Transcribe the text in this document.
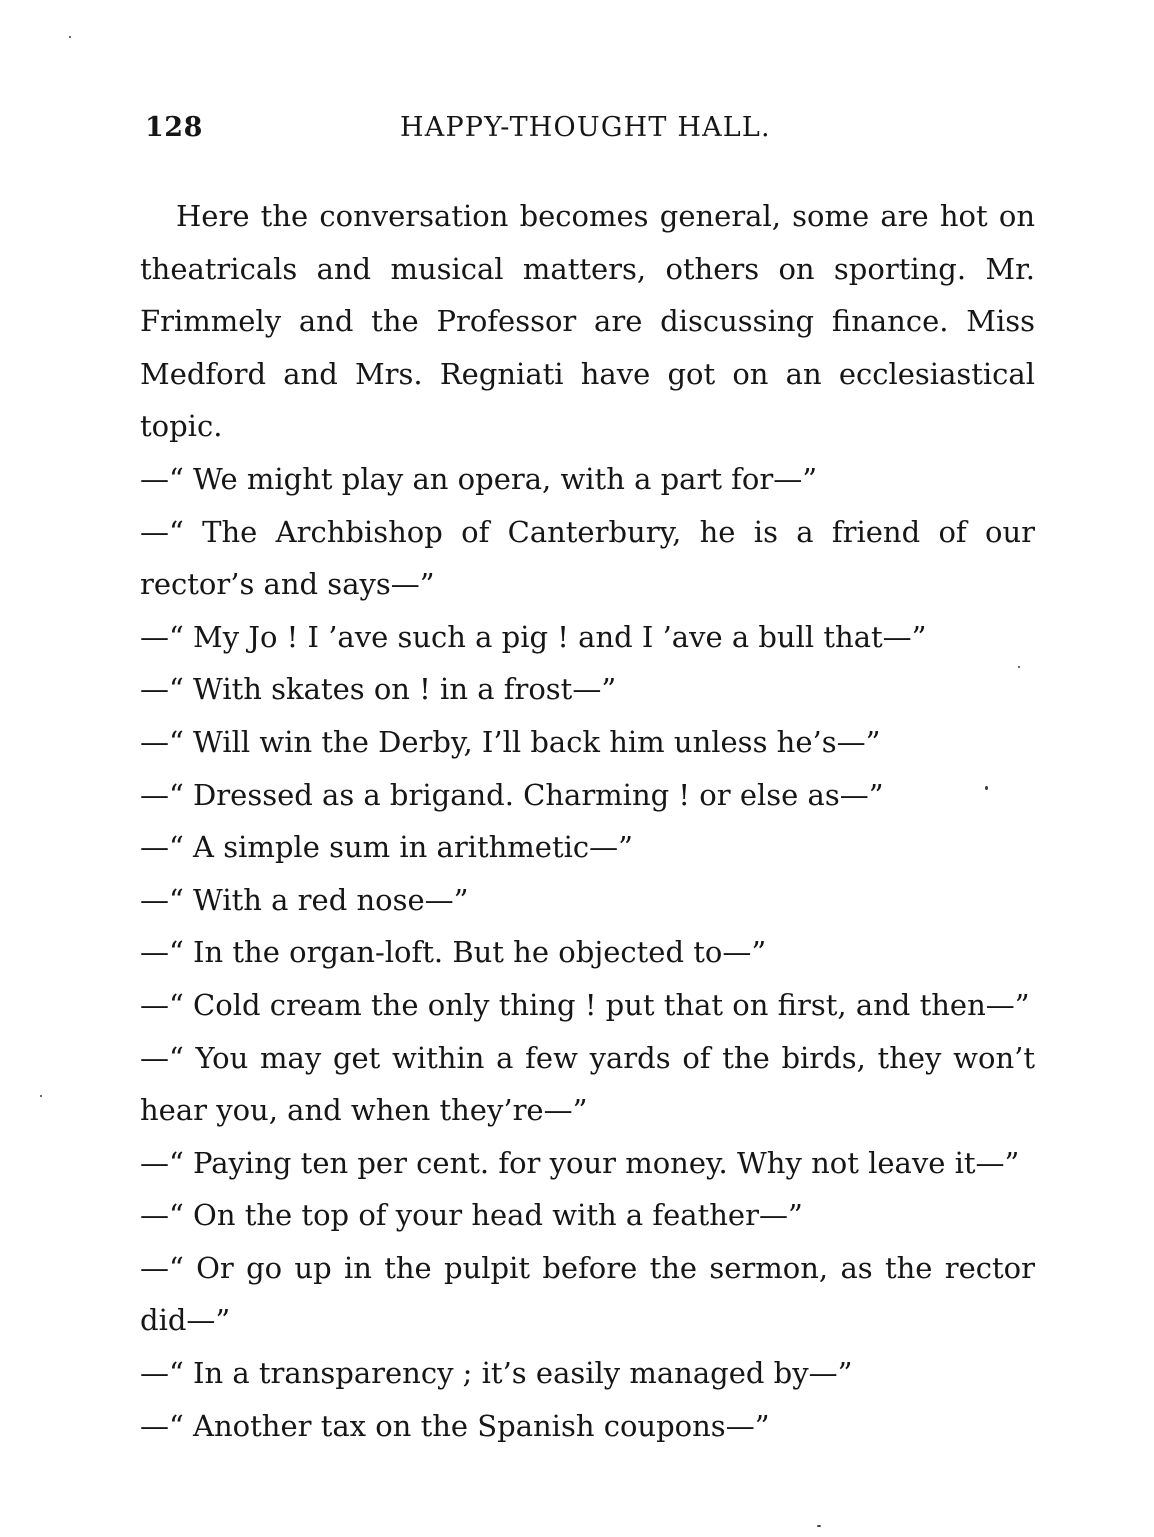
128	HAPPY-THOUGHT HALL.

Here the conversation becomes general, some are hot on theatricals and musical matters, others on sporting. Mr. Frimmely and the Professor are discussing finance. Miss Medford and Mrs. Regniati have got on an ecclesiastical topic.

—“ We might play an opera, with a part for—”

—“ The Archbishop of Canterbury, he is a friend of our rector’s and says—”

—“ My Jo ! I ’ave such a pig ! and I ’ave a bull that—”

—“ With skates on ! in a frost—”

—“ Will win the Derby, I’ll back him unless he’s—”

—“ Dressed as a brigand. Charming ! or else as—”

—“ A simple sum in arithmetic—”

—“ With a red nose—”

—“ In the organ-loft. But he objected to—”

—“ Cold cream the only thing ! put that on first, and then—”

—“ You may get within a few yards of the birds, they won’t hear you, and when they’re—”

—“ Paying ten per cent. for your money. Why not leave it—”

—“ On the top of your head with a feather—”

—“ Or go up in the pulpit before the sermon, as the rector did—”

—“ In a transparency ; it’s easily managed by—”

—“ Another tax on the Spanish coupons—”
